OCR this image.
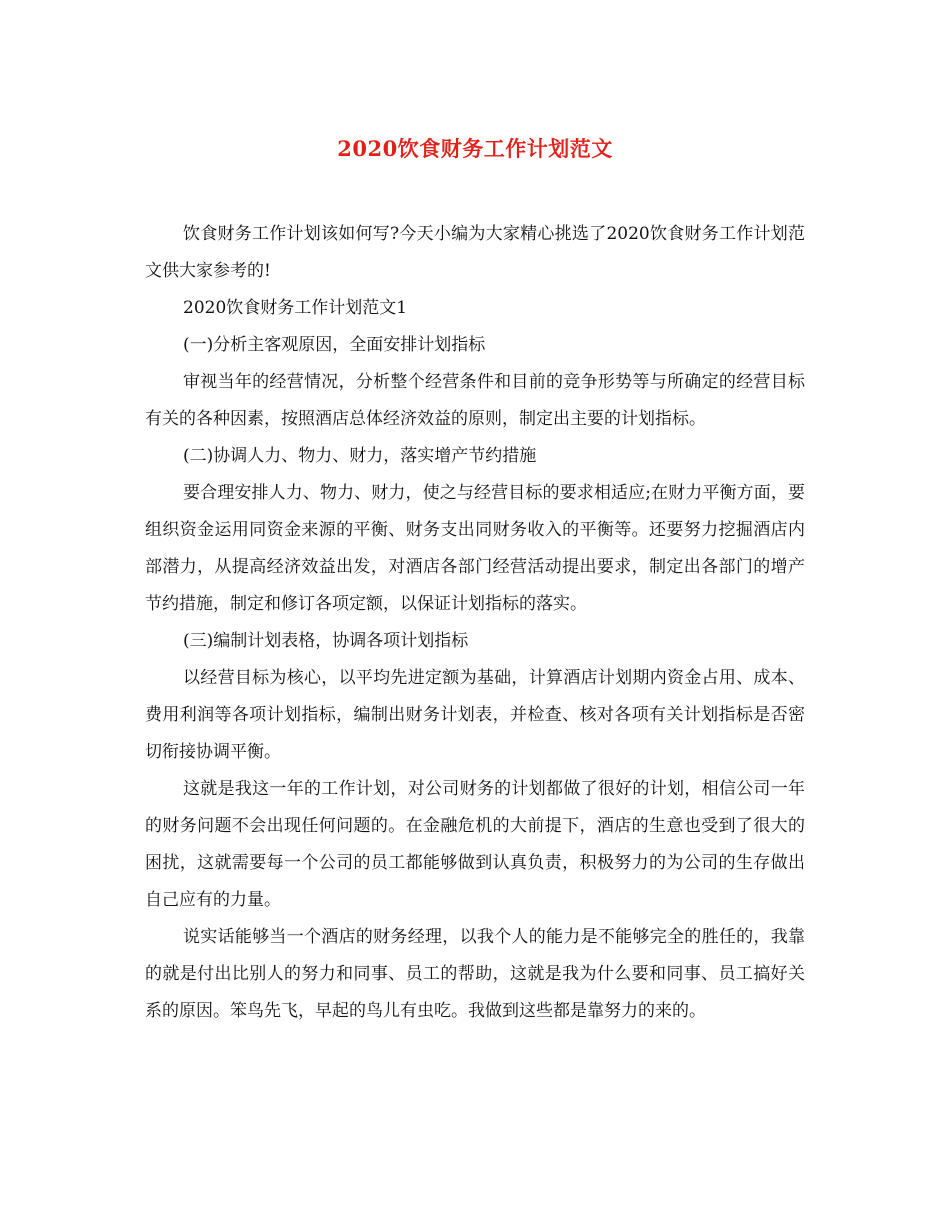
2020饮食财务工作计划范文

饮食财务工作计划该如何写?今天小编为大家精心挑选了2020饮食财务工作计划范文供大家参考的!

2020饮食财务工作计划范文1

(一)分析主客观原因，全面安排计划指标

审视当年的经营情况，分析整个经营条件和目前的竞争形势等与所确定的经营目标有关的各种因素，按照酒店总体经济效益的原则，制定出主要的计划指标。

(二)协调人力、物力、财力，落实增产节约措施

要合理安排人力、物力、财力，使之与经营目标的要求相适应;在财力平衡方面，要组织资金运用同资金来源的平衡、财务支出同财务收入的平衡等。还要努力挖掘酒店内部潜力，从提高经济效益出发，对酒店各部门经营活动提出要求，制定出各部门的增产节约措施，制定和修订各项定额，以保证计划指标的落实。

(三)编制计划表格，协调各项计划指标

以经营目标为核心，以平均先进定额为基础，计算酒店计划期内资金占用、成本、费用利润等各项计划指标，编制出财务计划表，并检查、核对各项有关计划指标是否密切衔接协调平衡。

这就是我这一年的工作计划，对公司财务的计划都做了很好的计划，相信公司一年的财务问题不会出现任何问题的。在金融危机的大前提下，酒店的生意也受到了很大的困扰，这就需要每一个公司的员工都能够做到认真负责，积极努力的为公司的生存做出自己应有的力量。

说实话能够当一个酒店的财务经理，以我个人的能力是不能够完全的胜任的，我靠的就是付出比别人的努力和同事、员工的帮助，这就是我为什么要和同事、员工搞好关系的原因。笨鸟先飞，早起的鸟儿有虫吃。我做到这些都是靠努力的来的。
